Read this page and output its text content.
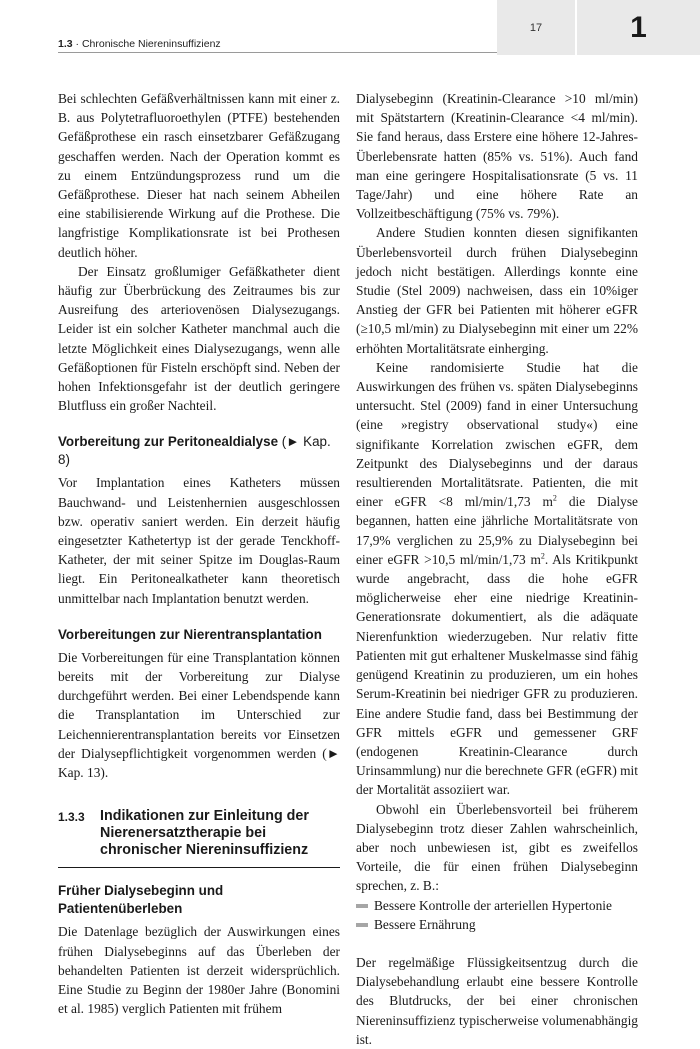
1.3 · Chronische Niereninsuffizienz
17	1

Bei schlechten Gefäßverhältnissen kann mit einer z. B. aus Polytetrafluoroethylen (PTFE) bestehenden Gefäßprothese ein rasch einsetzbarer Gefäßzugang geschaffen werden. Nach der Operation kommt es zu einem Entzündungsprozess rund um die Gefäßprothese. Dieser hat nach seinem Abheilen eine stabilisierende Wirkung auf die Prothese. Die langfristige Komplikationsrate ist bei Prothesen deutlich höher.

Der Einsatz großlumiger Gefäßkatheter dient häufig zur Überbrückung des Zeitraumes bis zur Ausreifung des arteriovenösen Dialysezugangs. Leider ist ein solcher Katheter manchmal auch die letzte Möglichkeit eines Dialysezugangs, wenn alle Gefäßoptionen für Fisteln erschöpft sind. Neben der hohen Infektionsgefahr ist der deutlich geringere Blutfluss ein großer Nachteil.

Vorbereitung zur Peritonealdialyse (► Kap. 8)

Vor Implantation eines Katheters müssen Bauchwand- und Leistenhernien ausgeschlossen bzw. operativ saniert werden. Ein derzeit häufig eingesetzter Kathetertyp ist der gerade Tenckhoff-Katheter, der mit seiner Spitze im Douglas-Raum liegt. Ein Peritonealkatheter kann theoretisch unmittelbar nach Implantation benutzt werden.

Vorbereitungen zur Nierentransplantation

Die Vorbereitungen für eine Transplantation können bereits mit der Vorbereitung zur Dialyse durchgeführt werden. Bei einer Lebendspende kann die Transplantation im Unterschied zur Leichennierentransplantation bereits vor Einsetzen der Dialysepflichtigkeit vorgenommen werden (► Kap. 13).

1.3.3	Indikationen zur Einleitung der Nierenersatztherapie bei chronischer Niereninsuffizienz
Früher Dialysebeginn und Patientenüberleben

Die Datenlage bezüglich der Auswirkungen eines frühen Dialysebeginns auf das Überleben der behandelten Patienten ist derzeit widersprüchlich. Eine Studie zu Beginn der 1980er Jahre (Bonomini et al. 1985) verglich Patienten mit frühem

Dialysebeginn (Kreatinin-Clearance >10 ml/min) mit Spätstartern (Kreatinin-Clearance <4 ml/min). Sie fand heraus, dass Erstere eine höhere 12-Jahres-Überlebensrate hatten (85% vs. 51%). Auch fand man eine geringere Hospitalisationsrate (5 vs. 11 Tage/Jahr) und eine höhere Rate an Vollzeitbeschäftigung (75% vs. 79%).

Andere Studien konnten diesen signifikanten Überlebensvorteil durch frühen Dialysebeginn jedoch nicht bestätigen. Allerdings konnte eine Studie (Stel 2009) nachweisen, dass ein 10%iger Anstieg der GFR bei Patienten mit höherer eGFR (≥10,5 ml/min) zu Dialysebeginn mit einer um 22% erhöhten Mortalitätsrate einherging.

Keine randomisierte Studie hat die Auswirkungen des frühen vs. späten Dialysebeginns untersucht. Stel (2009) fand in einer Untersuchung (eine »registry observational study«) eine signifikante Korrelation zwischen eGFR, dem Zeitpunkt des Dialysebeginns und der daraus resultierenden Mortalitätsrate. Patienten, die mit einer eGFR <8 ml/min/1,73 $m^2$ die Dialyse begannen, hatten eine jährliche Mortalitätsrate von 17,9% verglichen zu 25,9% zu Dialysebeginn bei einer eGFR >10,5 ml/min/1,73 $m^2$. Als Kritikpunkt wurde angebracht, dass die hohe eGFR möglicherweise eher eine niedrige Kreatinin-Generationsrate dokumentiert, als die adäquate Nierenfunktion wiederzugeben. Nur relativ fitte Patienten mit gut erhaltener Muskelmasse sind fähig genügend Kreatinin zu produzieren, um ein hohes Serum-Kreatinin bei niedriger GFR zu produzieren. Eine andere Studie fand, dass bei Bestimmung der GFR mittels eGFR und gemessener GRF (endogenen Kreatinin-Clearance durch Urinsammlung) nur die berechnete GFR (eGFR) mit der Mortalität assoziiert war.

Obwohl ein Überlebensvorteil bei früherem Dialysebeginn trotz dieser Zahlen wahrscheinlich, aber noch unbewiesen ist, gibt es zweifellos Vorteile, die für einen frühen Dialysebeginn sprechen, z. B.:

Bessere Kontrolle der arteriellen Hypertonie
Bessere Ernährung

Der regelmäßige Flüssigkeitsentzug durch die Dialysebehandlung erlaubt eine bessere Kontrolle des Blutdrucks, der bei einer chronischen Niereninsuffizienz typischerweise volumenabhängig ist.
